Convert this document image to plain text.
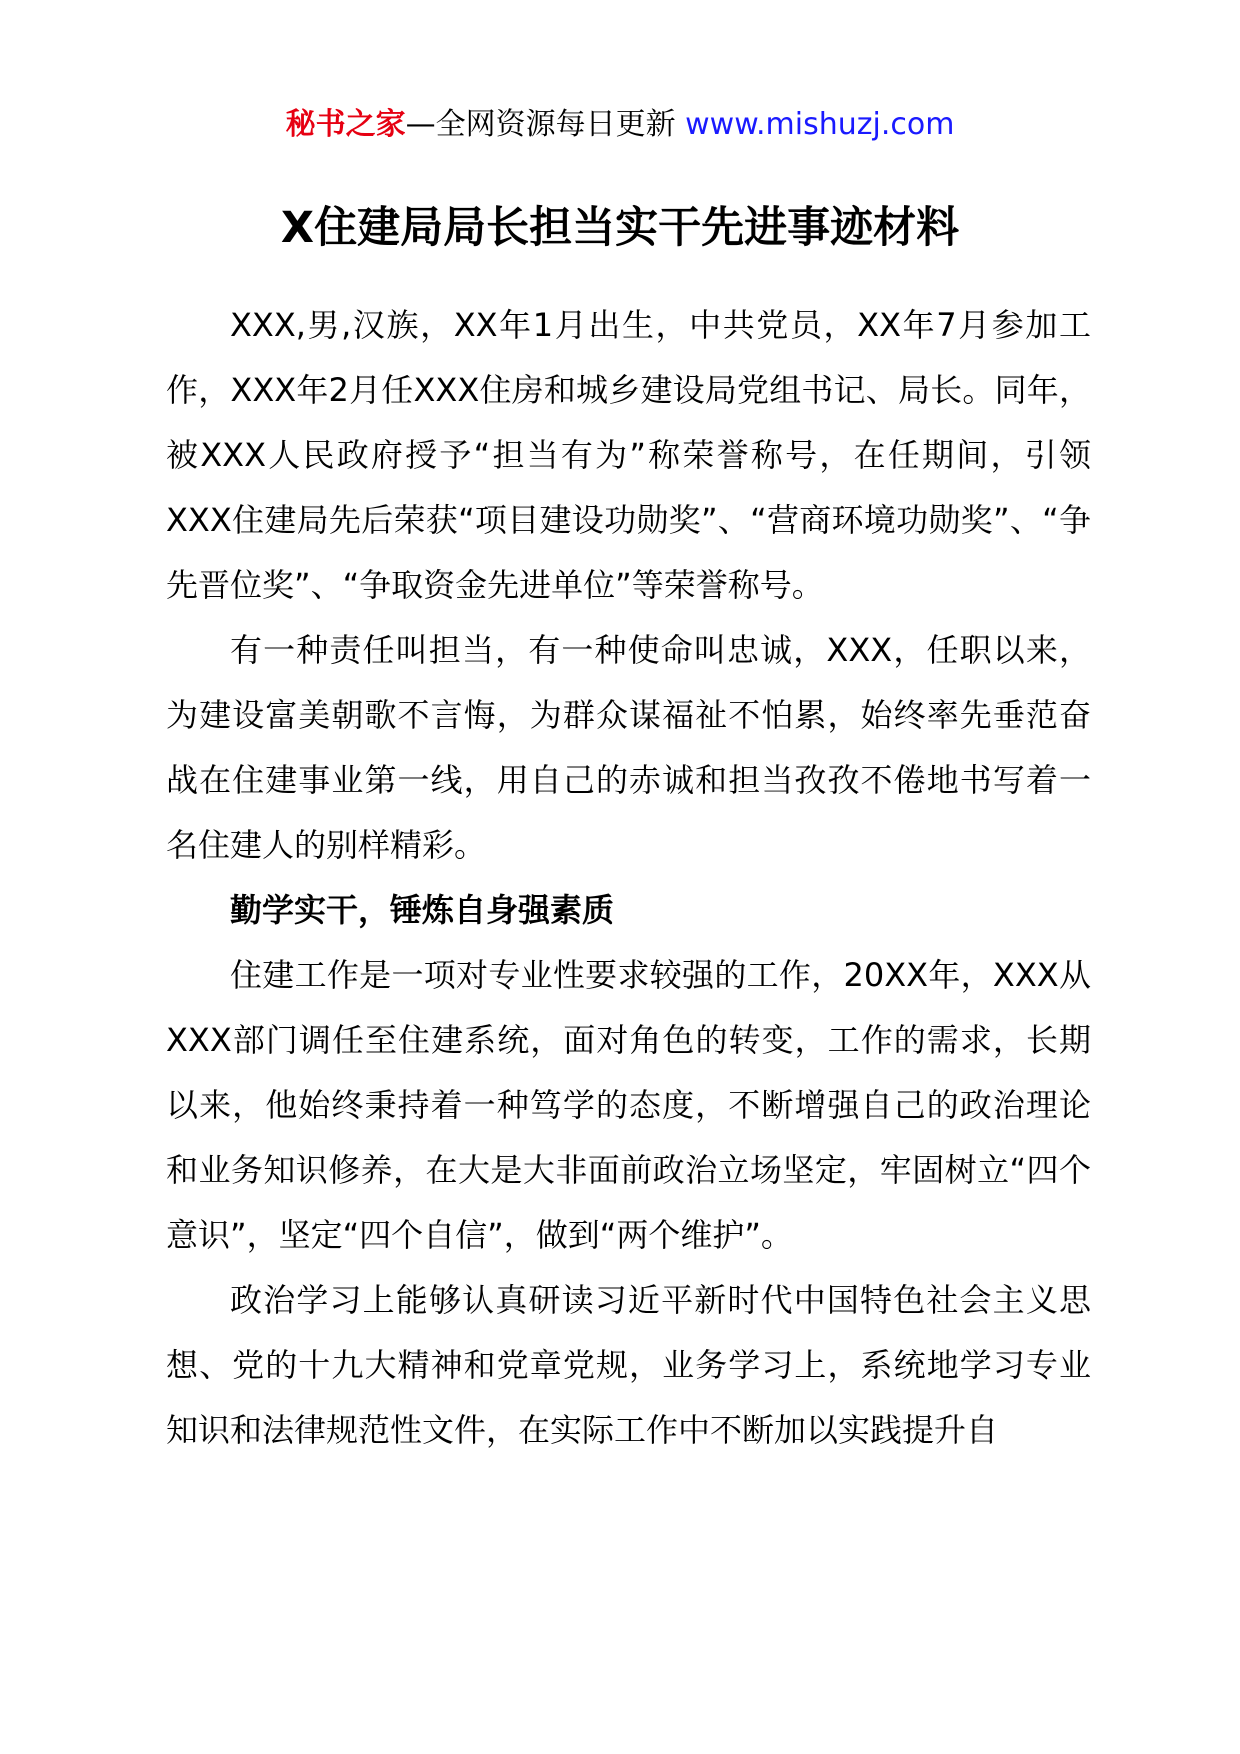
秘书之家—全网资源每日更新 www.mishuzj.com
X住建局局长担当实干先进事迹材料

XXX,男,汉族，XX年1月出生，中共党员，XX年7月参加工作，XXX年2月任XXX住房和城乡建设局党组书记、局长。同年，被XXX人民政府授予“担当有为”称荣誉称号，在任期间，引领XXX住建局先后荣获“项目建设功勋奖”、“营商环境功勋奖”、“争先晋位奖”、“争取资金先进单位”等荣誉称号。

有一种责任叫担当，有一种使命叫忠诚，XXX，任职以来，为建设富美朝歌不言悔，为群众谋福祉不怕累，始终率先垂范奋战在住建事业第一线，用自己的赤诚和担当孜孜不倦地书写着一名住建人的别样精彩。

勤学实干，锤炼自身强素质

住建工作是一项对专业性要求较强的工作，20XX年，XXX从XXX部门调任至住建系统，面对角色的转变，工作的需求，长期以来，他始终秉持着一种笃学的态度，不断增强自己的政治理论和业务知识修养，在大是大非面前政治立场坚定，牢固树立“四个意识”，坚定“四个自信”，做到“两个维护”。

政治学习上能够认真研读习近平新时代中国特色社会主义思想、党的十九大精神和党章党规，业务学习上，系统地学习专业知识和法律规范性文件，在实际工作中不断加以实践提升自
